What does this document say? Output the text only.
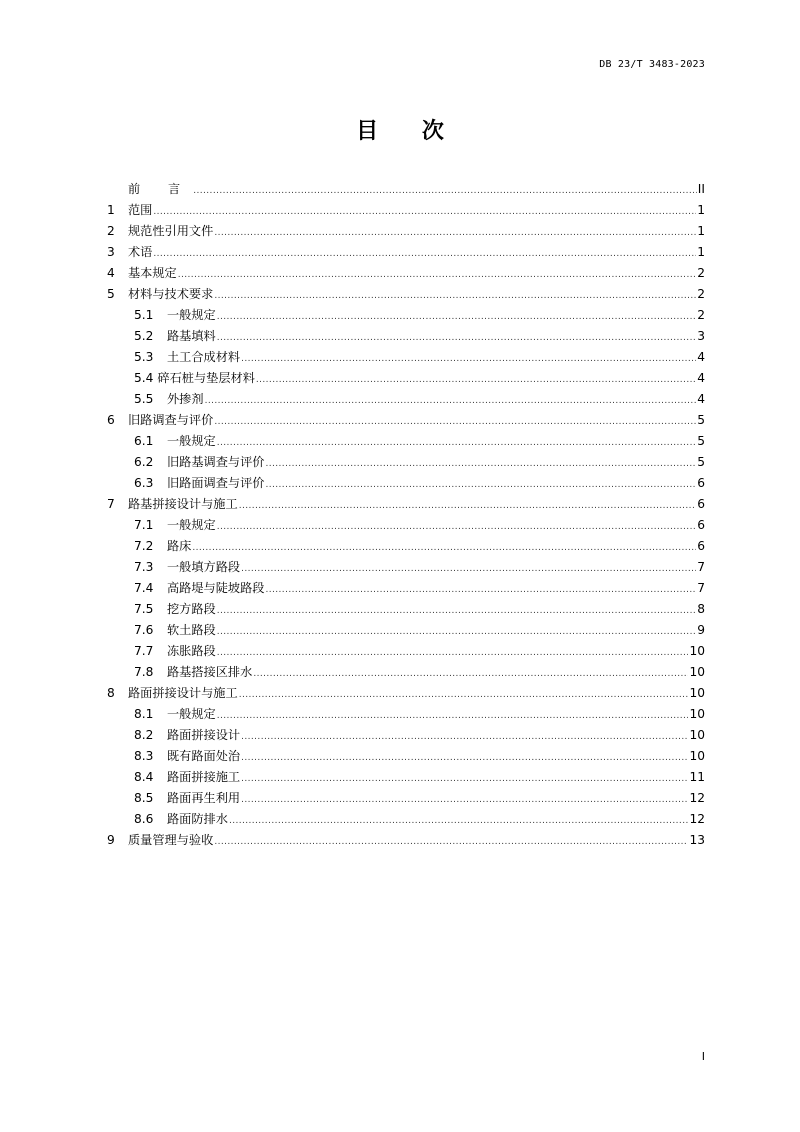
DB 23/T 3483-2023
目 次
前 言 .....	II
1	范围 .....	1
2	规范性引用文件 .....	1
3	术语 .....	1
4	基本规定 .....	2
5	材料与技术要求 .....	2
5.1	一般规定 .....	2
5.2	路基填料 .....	3
5.3	土工合成材料 .....	4
5.4 碎石桩与垫层材料 .....	4
5.5	外掺剂 .....	4
6	旧路调查与评价 .....	5
6.1	一般规定 .....	5
6.2	旧路基调查与评价 .....	5
6.3	旧路面调查与评价 .....	6
7	路基拼接设计与施工 .....	6
7.1	一般规定 .....	6
7.2	路床 .....	6
7.3	一般填方路段 .....	7
7.4	高路堤与陡坡路段 .....	7
7.5	挖方路段 .....	8
7.6	软土路段 .....	9
7.7	冻胀路段 .....	10
7.8	路基搭接区排水 .....	10
8	路面拼接设计与施工 .....	10
8.1	一般规定 .....	10
8.2	路面拼接设计 .....	10
8.3	既有路面处治 .....	10
8.4	路面拼接施工 .....	11
8.5	路面再生利用 .....	12
8.6	路面防排水 .....	12
9	质量管理与验收 .....	13
I
